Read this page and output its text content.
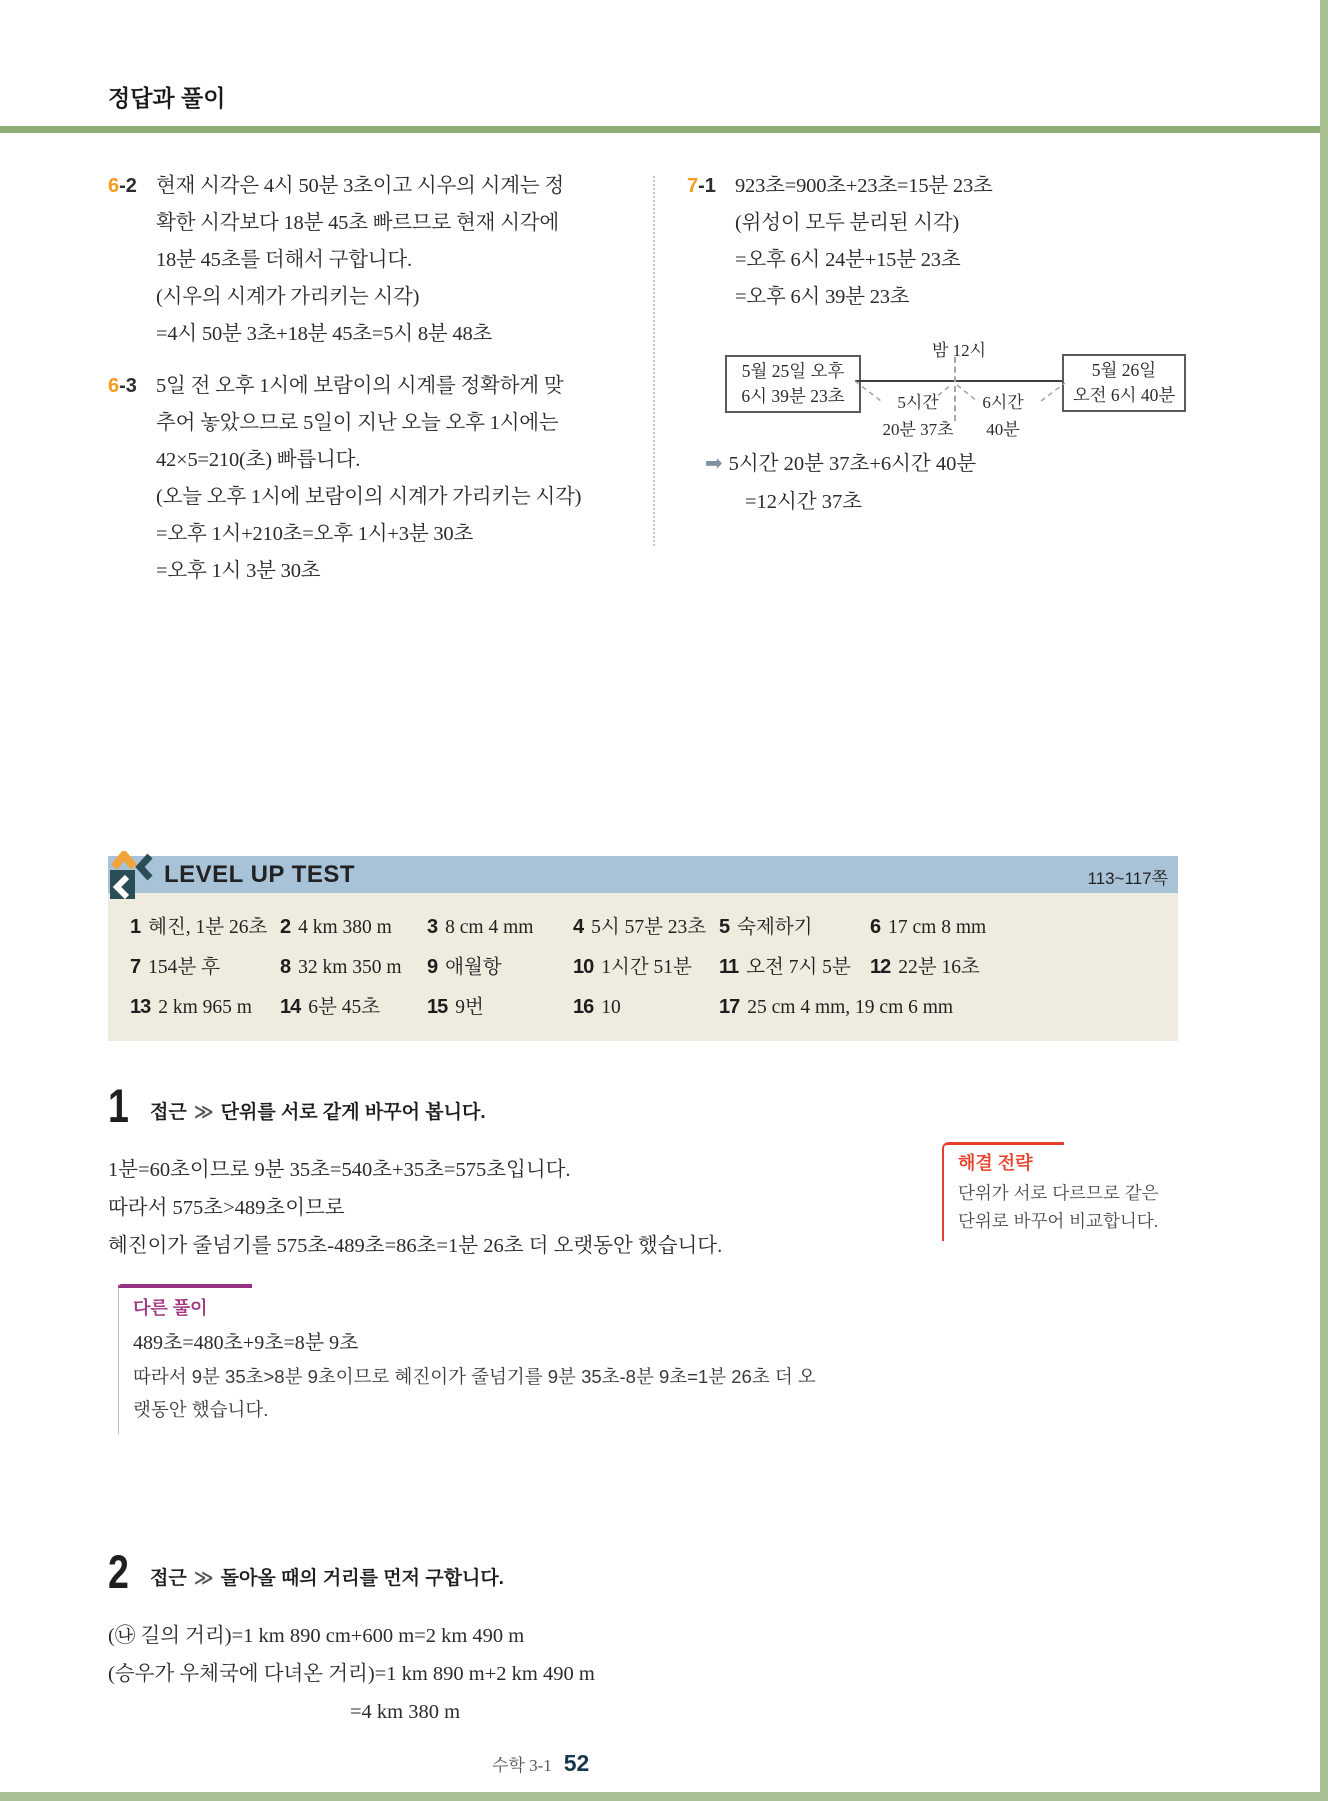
정답과 풀이
6-2 현재 시각은 4시 50분 3초이고 시우의 시계는 정
확한 시각보다 18분 45초 빠르므로 현재 시각에
18분 45초를 더해서 구합니다.
(시우의 시계가 가리키는 시각)
=4시 50분 3초+18분 45초=5시 8분 48초
6-3 5일 전 오후 1시에 보람이의 시계를 정확하게 맞
추어 놓았으므로 5일이 지난 오늘 오후 1시에는
42×5=210(초) 빠릅니다.
(오늘 오후 1시에 보람이의 시계가 가리키는 시각)
=오후 1시+210초=오후 1시+3분 30초
=오후 1시 3분 30초
7-1 923초=900초+23초=15분 23초
(위성이 모두 분리된 시각)
=오후 6시 24분+15분 23초
=오후 6시 39분 23초
밤 12시
5월 25일 오후
6시 39분 23초
5월 26일
오전 6시 40분
5시간
20분 37초
6시간
40분
➡ 5시간 20분 37초+6시간 40분
=12시간 37초
LEVEL UP TEST	113~117쪽
1 혜진, 1분 26초 2 4 km 380 m	3 8 cm 4 mm	4 5시 57분 23초 5 숙제하기	6 17 cm 8 mm
7 154분 후	8 32 km 350 m	9 애월항	10 1시간 51분	11 오전 7시 5분 12 22분 16초
13 2 km 965 m	14 6분 45초	15 9번	16 10	17 25 cm 4 mm, 19 cm 6 mm
1	접근 ≫ 단위를 서로 같게 바꾸어 봅니다.
1분=60초이므로 9분 35초=540초+35초=575초입니다.
따라서 575초>489초이므로
혜진이가 줄넘기를 575초-489초=86초=1분 26초 더 오랫동안 했습니다.
해결 전략
단위가 서로 다르므로 같은
단위로 바꾸어 비교합니다.
다른 풀이
489초=480초+9초=8분 9초
따라서 9분 35초>8분 9초이므로 혜진이가 줄넘기를 9분 35초-8분 9초=1분 26초 더 오
랫동안 했습니다.
2	접근 ≫ 돌아올 때의 거리를 먼저 구합니다.
(㉯ 길의 거리)=1 km 890 cm+600 m=2 km 490 m
(승우가 우체국에 다녀온 거리)=1 km 890 m+2 km 490 m
=4 km 380 m
수학 3-1 52
